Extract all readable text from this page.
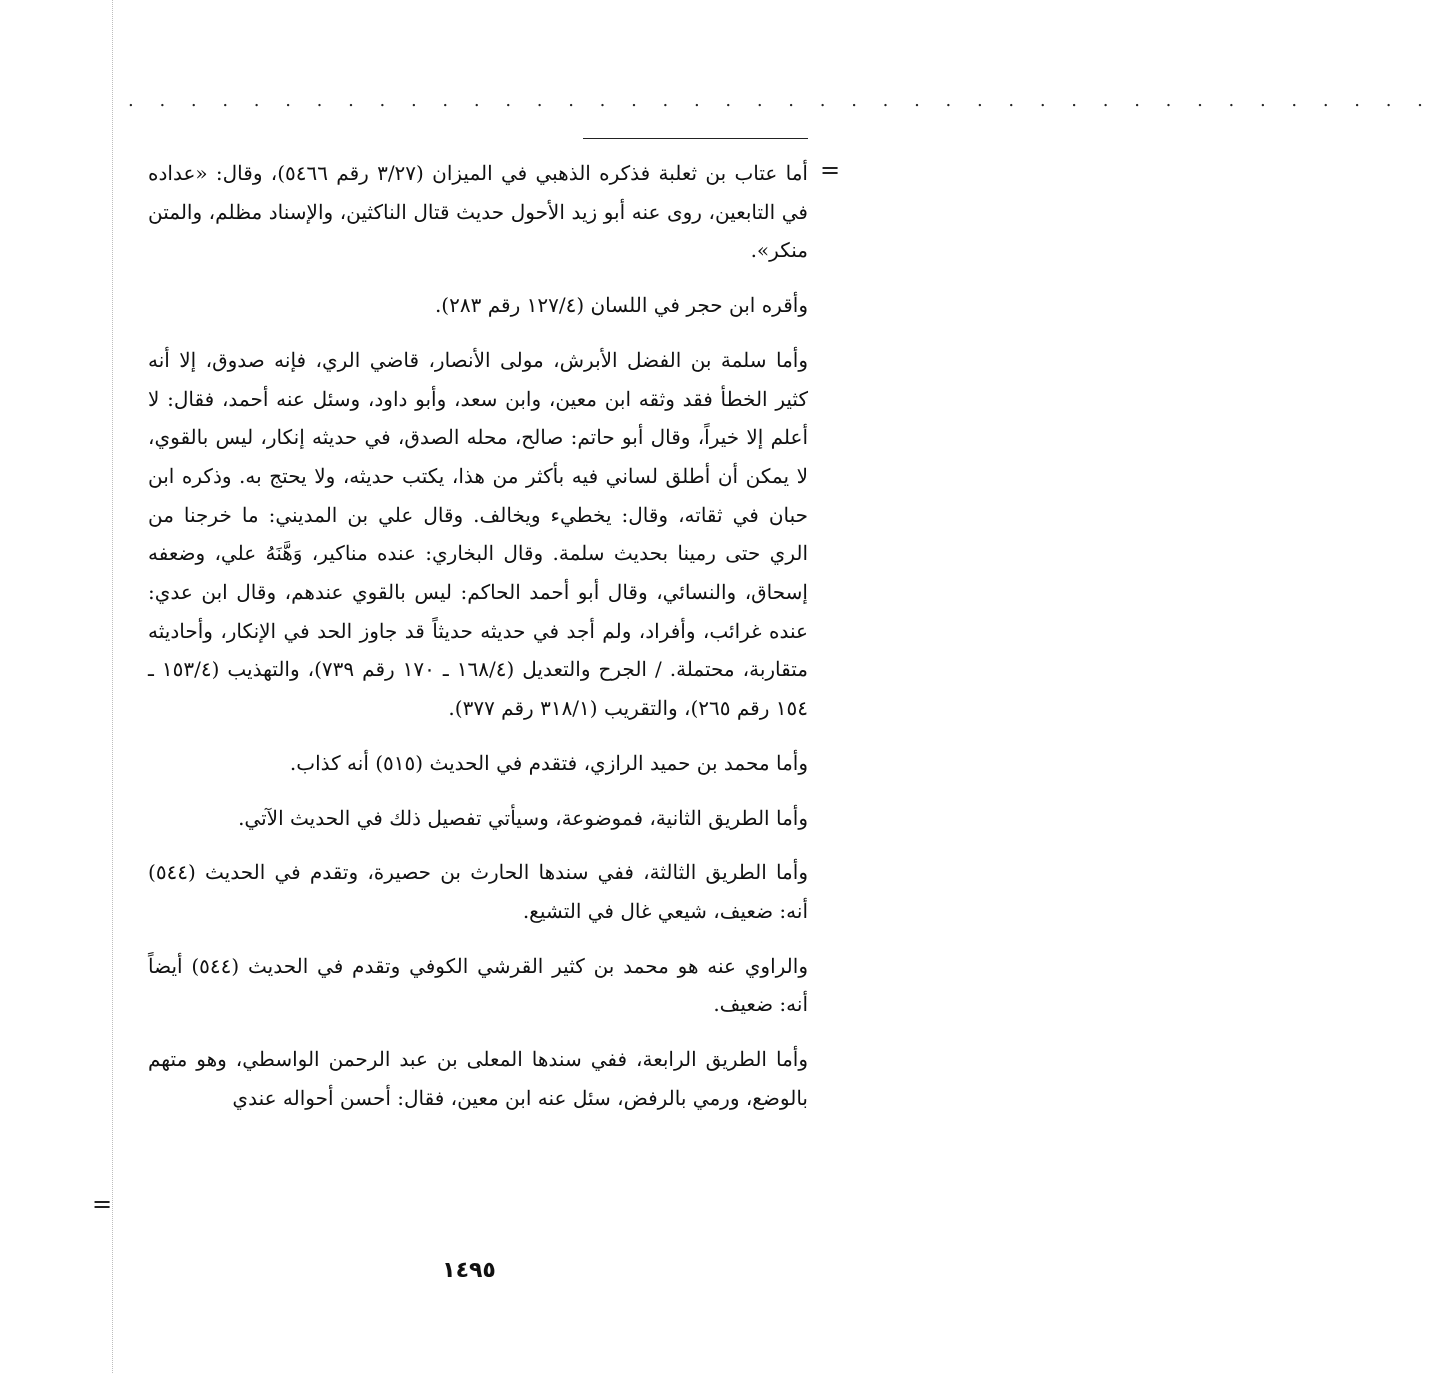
. . . . . . . . . . . . . . . . . . . . . . . . . . . . . . . . . . . . . . . . . .
=

أما عتاب بن ثعلبة فذكره الذهبي في الميزان (٣/٢٧ رقم ٥٤٦٦)، وقال: «عداده في التابعين، روى عنه أبو زيد الأحول حديث قتال الناكثين، والإسناد مظلم، والمتن منكر».

وأقره ابن حجر في اللسان (١٢٧/٤ رقم ٢٨٣).

وأما سلمة بن الفضل الأبرش، مولى الأنصار، قاضي الري، فإنه صدوق، إلا أنه كثير الخطأ فقد وثقه ابن معين، وابن سعد، وأبو داود، وسئل عنه أحمد، فقال: لا أعلم إلا خيراً، وقال أبو حاتم: صالح، محله الصدق، في حديثه إنكار، ليس بالقوي، لا يمكن أن أطلق لساني فيه بأكثر من هذا، يكتب حديثه، ولا يحتج به. وذكره ابن حبان في ثقاته، وقال: يخطيء ويخالف. وقال علي بن المديني: ما خرجنا من الري حتى رمينا بحديث سلمة. وقال البخاري: عنده مناكير، وَهَّنَهُ علي، وضعفه إسحاق، والنسائي، وقال أبو أحمد الحاكم: ليس بالقوي عندهم، وقال ابن عدي: عنده غرائب، وأفراد، ولم أجد في حديثه حديثاً قد جاوز الحد في الإنكار، وأحاديثه متقاربة، محتملة. / الجرح والتعديل (١٦٨/٤ ـ ١٧٠ رقم ٧٣٩)، والتهذيب (١٥٣/٤ ـ ١٥٤ رقم ٢٦٥)، والتقريب (٣١٨/١ رقم ٣٧٧).

وأما محمد بن حميد الرازي، فتقدم في الحديث (٥١٥) أنه كذاب.

وأما الطريق الثانية، فموضوعة، وسيأتي تفصيل ذلك في الحديث الآتي.

وأما الطريق الثالثة، ففي سندها الحارث بن حصيرة، وتقدم في الحديث (٥٤٤) أنه: ضعيف، شيعي غال في التشيع.

والراوي عنه هو محمد بن كثير القرشي الكوفي وتقدم في الحديث (٥٤٤) أيضاً أنه: ضعيف.

وأما الطريق الرابعة، ففي سندها المعلى بن عبد الرحمن الواسطي، وهو متهم بالوضع، ورمي بالرفض، سئل عنه ابن معين، فقال: أحسن أحواله عندي

=
١٤٩٥
